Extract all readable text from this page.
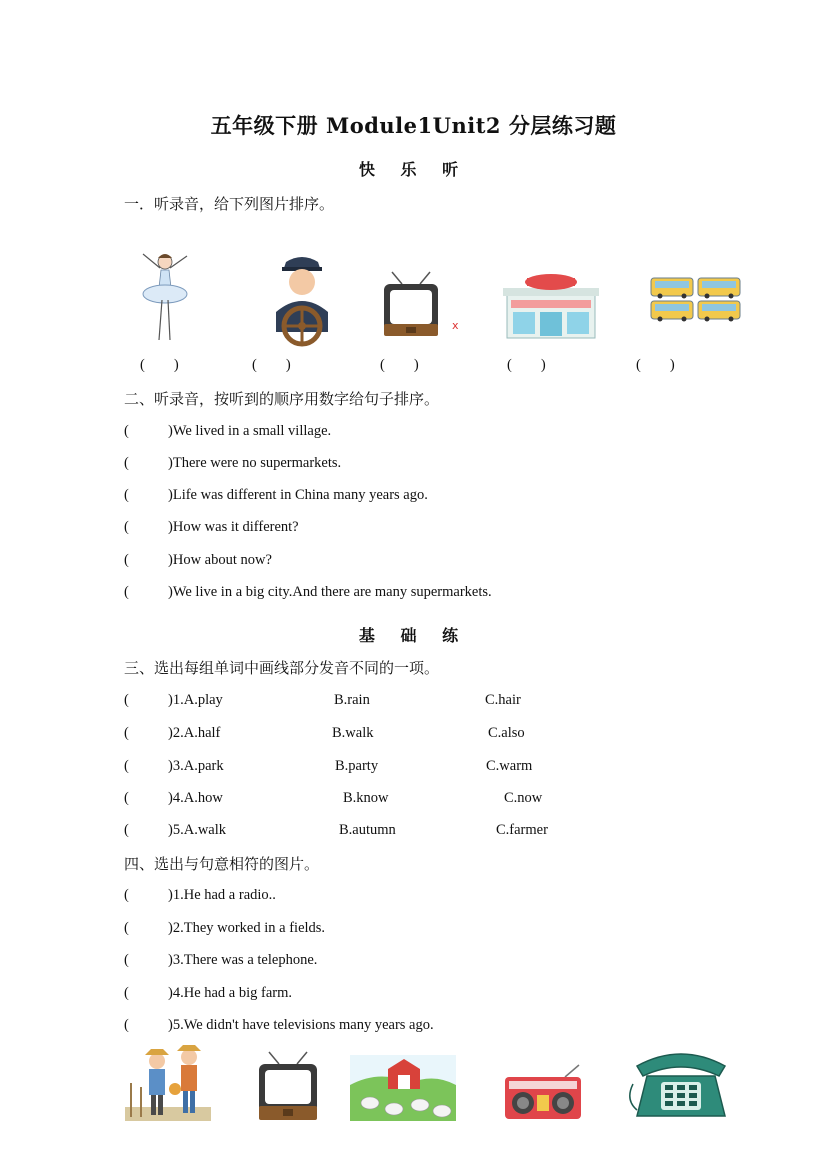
五年级下册 Module1Unit2 分层练习题
快 乐 听
一．听录音，给下列图片排序。
x
(        )	(        )	(        )	(        )	(        )
二、听录音，按听到的顺序用数字给句子排序。
(	)We lived in a small village.
(	)There were no supermarkets.
(	)Life was different in China many years ago.
(	)How was it different?
(	)How about now?
(	)We live in a big city.And there are many supermarkets.
基 础 练
三、选出每组单词中画线部分发音不同的一项。
(	)1.A.play	B.rain	C.hair
(	)2.A.half	B.walk	C.also
(	)3.A.park	B.party	C.warm
(	)4.A.how	B.know	C.now
(	)5.A.walk	B.autumn	C.farmer
四、选出与句意相符的图片。
(	)1.He had a radio..
(	)2.They worked in a fields.
(	)3.There was a telephone.
(	)4.He had a big farm.
(	)5.We didn't have televisions many years ago.
